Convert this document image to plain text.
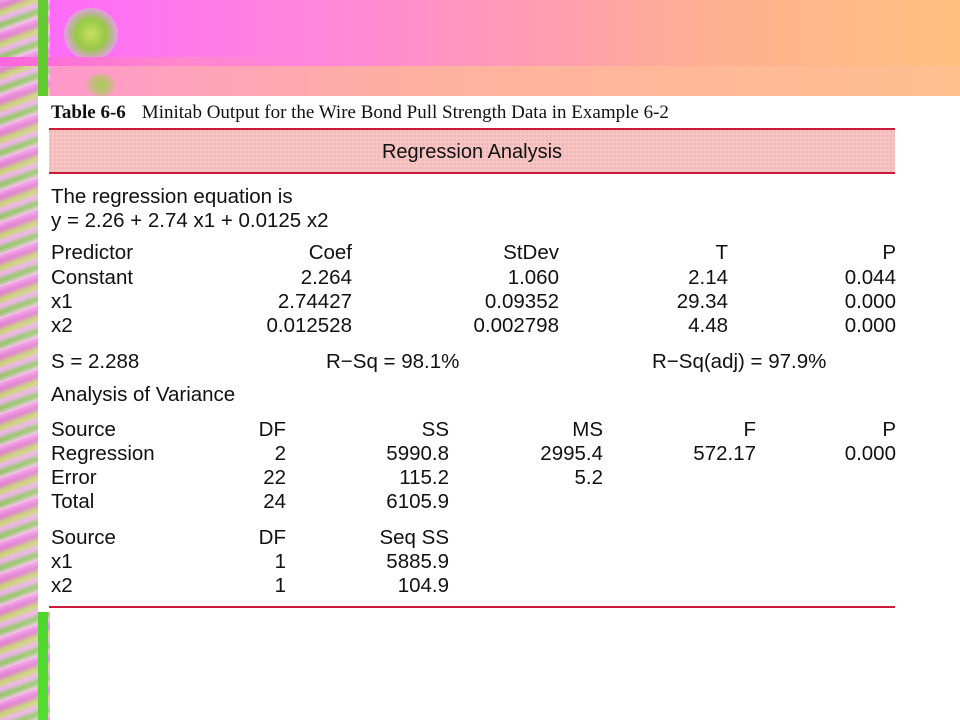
Table 6-6 Minitab Output for the Wire Bond Pull Strength Data in Example 6-2
Regression Analysis
The regression equation is
y = 2.26 + 2.74 x1 + 0.0125 x2
Predictor	Coef	StDev	T	P
Constant	2.264	1.060	2.14	0.044
x1	2.74427	0.09352	29.34	0.000
x2	0.012528	0.002798	4.48	0.000
S = 2.288	R−Sq = 98.1%	R−Sq(adj) = 97.9%
Analysis of Variance
Source	DF	SS	MS	F	P
Regression	2	5990.8	2995.4	572.17	0.000
Error	22	115.2	5.2
Total	24	6105.9
Source	DF	Seq SS
x1	1	5885.9
x2	1	104.9
